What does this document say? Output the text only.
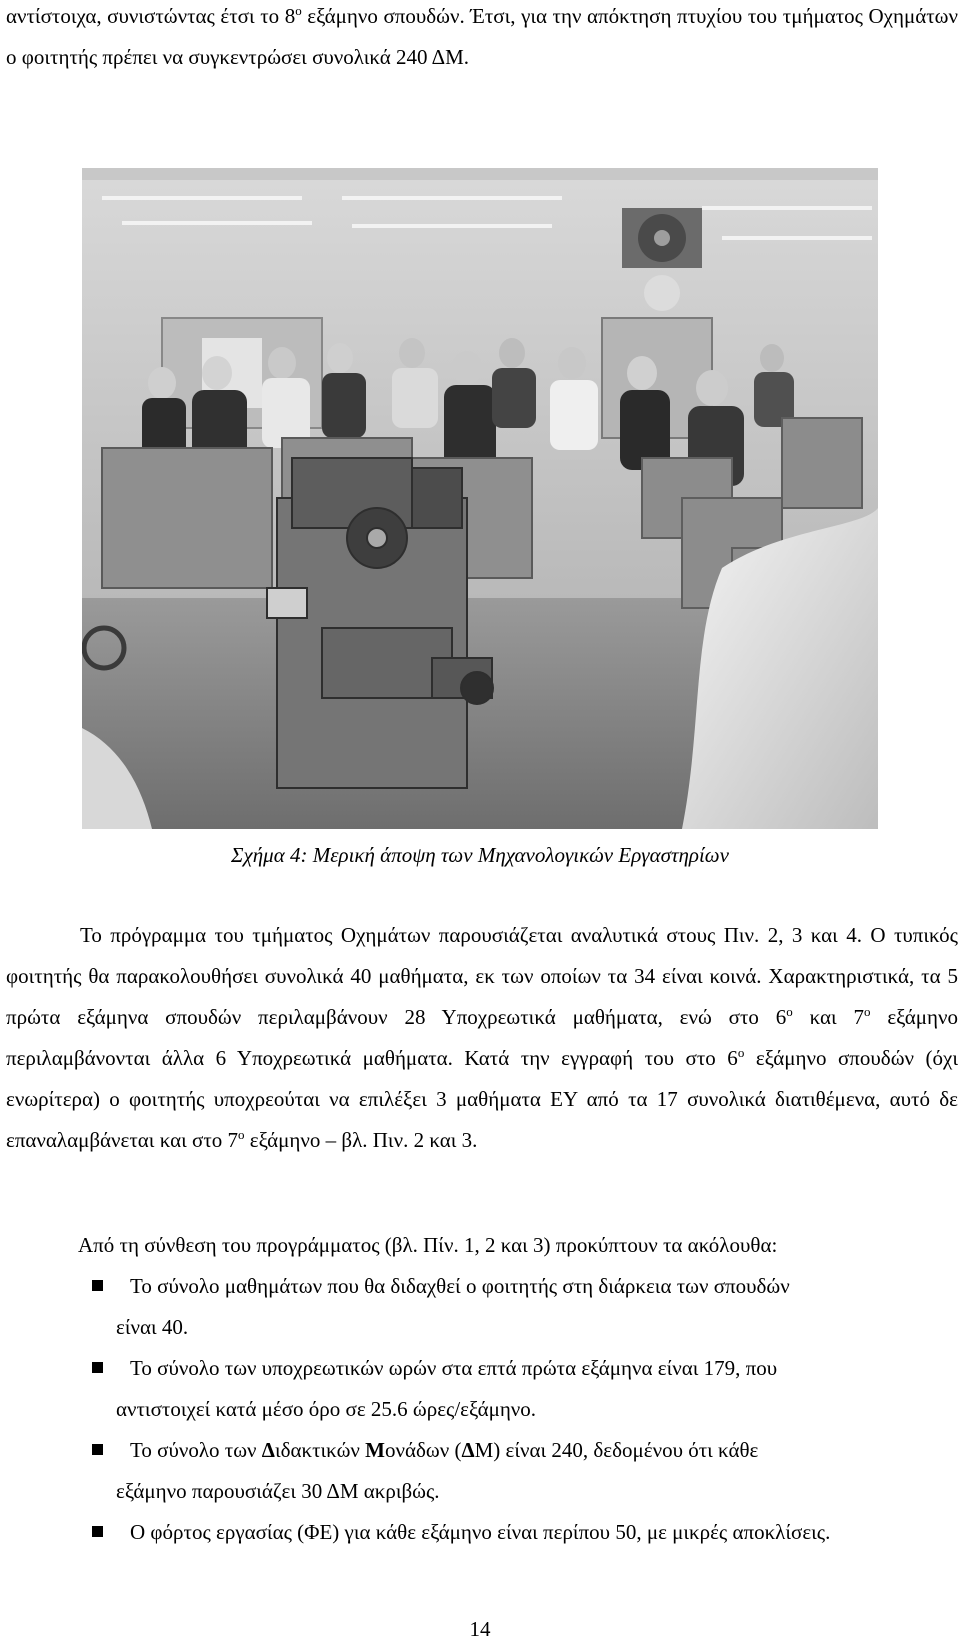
αντίστοιχα, συνιστώντας έτσι το $8^o$ εξάμηνο σπουδών. Έτσι, για την απόκτηση πτυχίου του τμήματος Οχημάτων ο φοιτητής πρέπει να συγκεντρώσει συνολικά 240 ΔΜ.
Σχήμα 4: Μερική άποψη των Μηχανολογικών Εργαστηρίων
Το πρόγραμμα του τμήματος Οχημάτων παρουσιάζεται αναλυτικά στους Πιν. 2, 3 και 4. Ο τυπικός φοιτητής θα παρακολουθήσει συνολικά 40 μαθήματα, εκ των οποίων τα 34 είναι κοινά. Χαρακτηριστικά, τα 5 πρώτα εξάμηνα σπουδών περιλαμβάνουν 28 Υποχρεωτικά μαθήματα, ενώ στο $6^o$ και $7^o$ εξάμηνο περιλαμβάνονται άλλα 6 Υποχρεωτικά μαθήματα. Κατά την εγγραφή του στο $6^o$ εξάμηνο σπουδών (όχι ενωρίτερα) ο φοιτητής υποχρεούται να επιλέξει 3 μαθήματα ΕΥ από τα 17 συνολικά διατιθέμενα, αυτό δε επαναλαμβάνεται και στο $7^o$ εξάμηνο – βλ. Πιν. 2 και 3.
Από τη σύνθεση του προγράμματος (βλ. Πίν. 1, 2 και 3) προκύπτουν τα ακόλουθα:
Το σύνολο μαθημάτων που θα διδαχθεί ο φοιτητής στη διάρκεια των σπουδών
είναι 40.
Το σύνολο των υποχρεωτικών ωρών στα επτά πρώτα εξάμηνα είναι 179, που
αντιστοιχεί κατά μέσο όρο σε 25.6 ώρες/εξάμηνο.
Το σύνολο των Διδακτικών Μονάδων (ΔΜ) είναι 240, δεδομένου ότι κάθε
εξάμηνο παρουσιάζει 30 ΔΜ ακριβώς.
Ο φόρτος εργασίας (ΦΕ) για κάθε εξάμηνο είναι περίπου 50, με μικρές αποκλίσεις.
14
